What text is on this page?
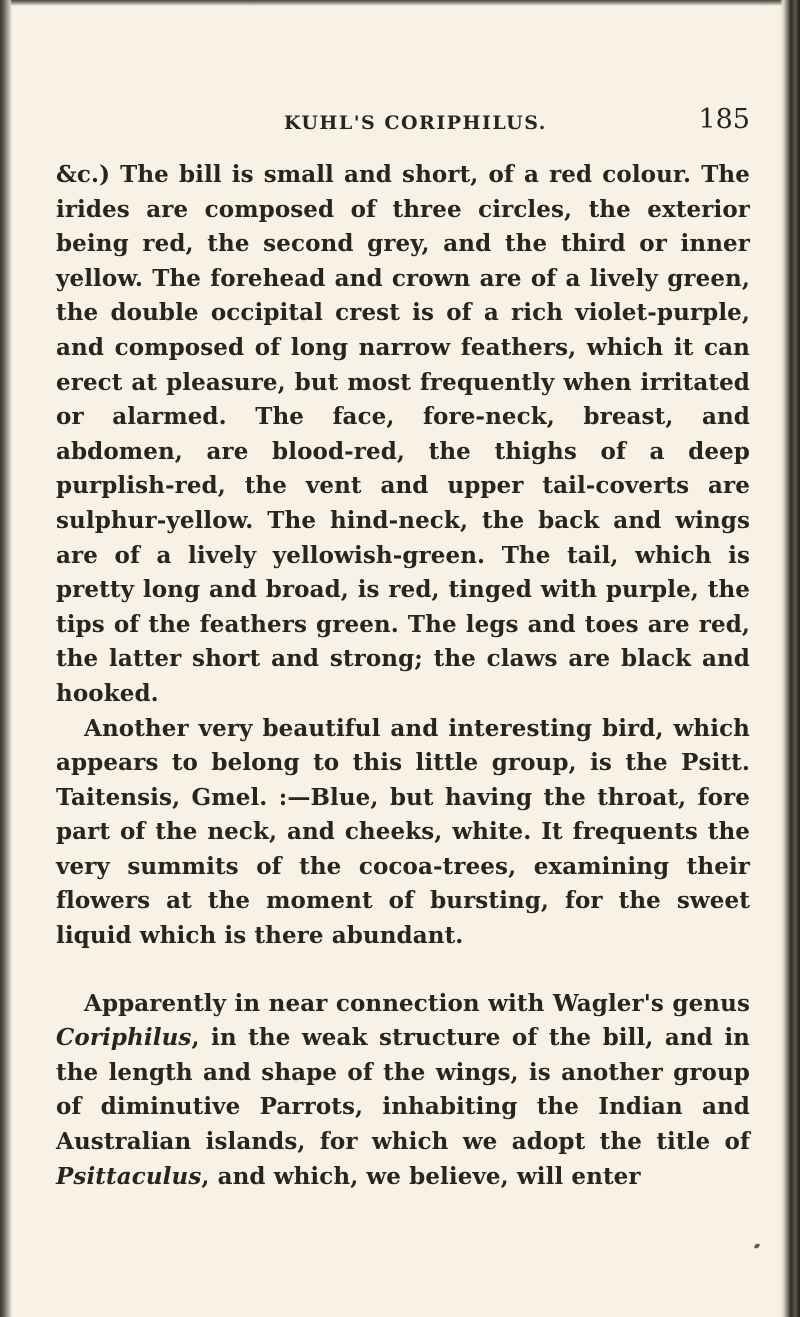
KUHL'S CORIPHILUS.	185

&c.) The bill is small and short, of a red colour. The irides are composed of three circles, the exterior being red, the second grey, and the third or inner yellow. The forehead and crown are of a lively green, the double occipital crest is of a rich violet-purple, and composed of long narrow feathers, which it can erect at pleasure, but most frequently when irritated or alarmed. The face, fore-neck, breast, and abdomen, are blood-red, the thighs of a deep purplish-red, the vent and upper tail-coverts are sulphur-yellow. The hind-neck, the back and wings are of a lively yellowish-green. The tail, which is pretty long and broad, is red, tinged with purple, the tips of the feathers green. The legs and toes are red, the latter short and strong; the claws are black and hooked.

Another very beautiful and interesting bird, which appears to belong to this little group, is the Psitt. Taitensis, Gmel. :—Blue, but having the throat, fore part of the neck, and cheeks, white. It frequents the very summits of the cocoa-trees, examining their flowers at the moment of bursting, for the sweet liquid which is there abundant.

Apparently in near connection with Wagler's genus Coriphilus, in the weak structure of the bill, and in the length and shape of the wings, is another group of diminutive Parrots, inhabiting the Indian and Australian islands, for which we adopt the title of Psittaculus, and which, we believe, will enter
